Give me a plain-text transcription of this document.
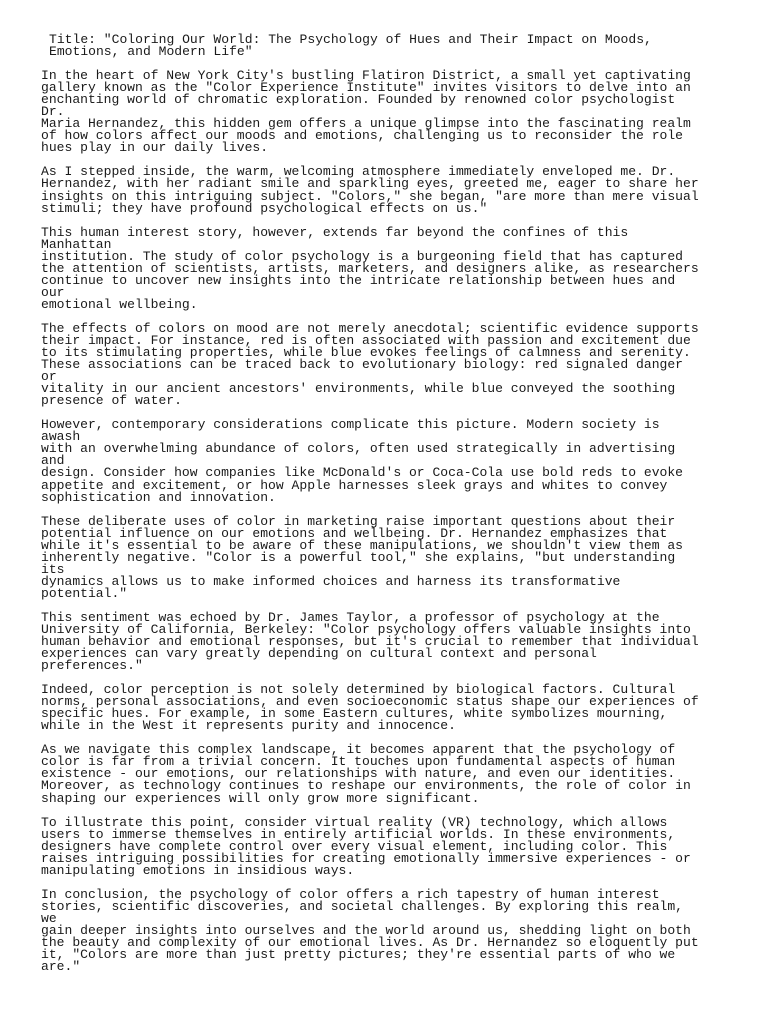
Title: "Coloring Our World: The Psychology of Hues and Their Impact on Moods,
Emotions, and Modern Life"
In the heart of New York City's bustling Flatiron District, a small yet captivating
gallery known as the "Color Experience Institute" invites visitors to delve into an
enchanting world of chromatic exploration. Founded by renowned color psychologist Dr.
Maria Hernandez, this hidden gem offers a unique glimpse into the fascinating realm
of how colors affect our moods and emotions, challenging us to reconsider the role
hues play in our daily lives.
As I stepped inside, the warm, welcoming atmosphere immediately enveloped me. Dr.
Hernandez, with her radiant smile and sparkling eyes, greeted me, eager to share her
insights on this intriguing subject. "Colors," she began, "are more than mere visual
stimuli; they have profound psychological effects on us."
This human interest story, however, extends far beyond the confines of this Manhattan
institution. The study of color psychology is a burgeoning field that has captured
the attention of scientists, artists, marketers, and designers alike, as researchers
continue to uncover new insights into the intricate relationship between hues and our
emotional wellbeing.
The effects of colors on mood are not merely anecdotal; scientific evidence supports
their impact. For instance, red is often associated with passion and excitement due
to its stimulating properties, while blue evokes feelings of calmness and serenity.
These associations can be traced back to evolutionary biology: red signaled danger or
vitality in our ancient ancestors' environments, while blue conveyed the soothing
presence of water.
However, contemporary considerations complicate this picture. Modern society is awash
with an overwhelming abundance of colors, often used strategically in advertising and
design. Consider how companies like McDonald's or Coca-Cola use bold reds to evoke
appetite and excitement, or how Apple harnesses sleek grays and whites to convey
sophistication and innovation.
These deliberate uses of color in marketing raise important questions about their
potential influence on our emotions and wellbeing. Dr. Hernandez emphasizes that
while it's essential to be aware of these manipulations, we shouldn't view them as
inherently negative. "Color is a powerful tool," she explains, "but understanding its
dynamics allows us to make informed choices and harness its transformative
potential."
This sentiment was echoed by Dr. James Taylor, a professor of psychology at the
University of California, Berkeley: "Color psychology offers valuable insights into
human behavior and emotional responses, but it's crucial to remember that individual
experiences can vary greatly depending on cultural context and personal preferences."
Indeed, color perception is not solely determined by biological factors. Cultural
norms, personal associations, and even socioeconomic status shape our experiences of
specific hues. For example, in some Eastern cultures, white symbolizes mourning,
while in the West it represents purity and innocence.
As we navigate this complex landscape, it becomes apparent that the psychology of
color is far from a trivial concern. It touches upon fundamental aspects of human
existence - our emotions, our relationships with nature, and even our identities.
Moreover, as technology continues to reshape our environments, the role of color in
shaping our experiences will only grow more significant.
To illustrate this point, consider virtual reality (VR) technology, which allows
users to immerse themselves in entirely artificial worlds. In these environments,
designers have complete control over every visual element, including color. This
raises intriguing possibilities for creating emotionally immersive experiences - or
manipulating emotions in insidious ways.
In conclusion, the psychology of color offers a rich tapestry of human interest
stories, scientific discoveries, and societal challenges. By exploring this realm, we
gain deeper insights into ourselves and the world around us, shedding light on both
the beauty and complexity of our emotional lives. As Dr. Hernandez so eloquently put
it, "Colors are more than just pretty pictures; they're essential parts of who we
are."
